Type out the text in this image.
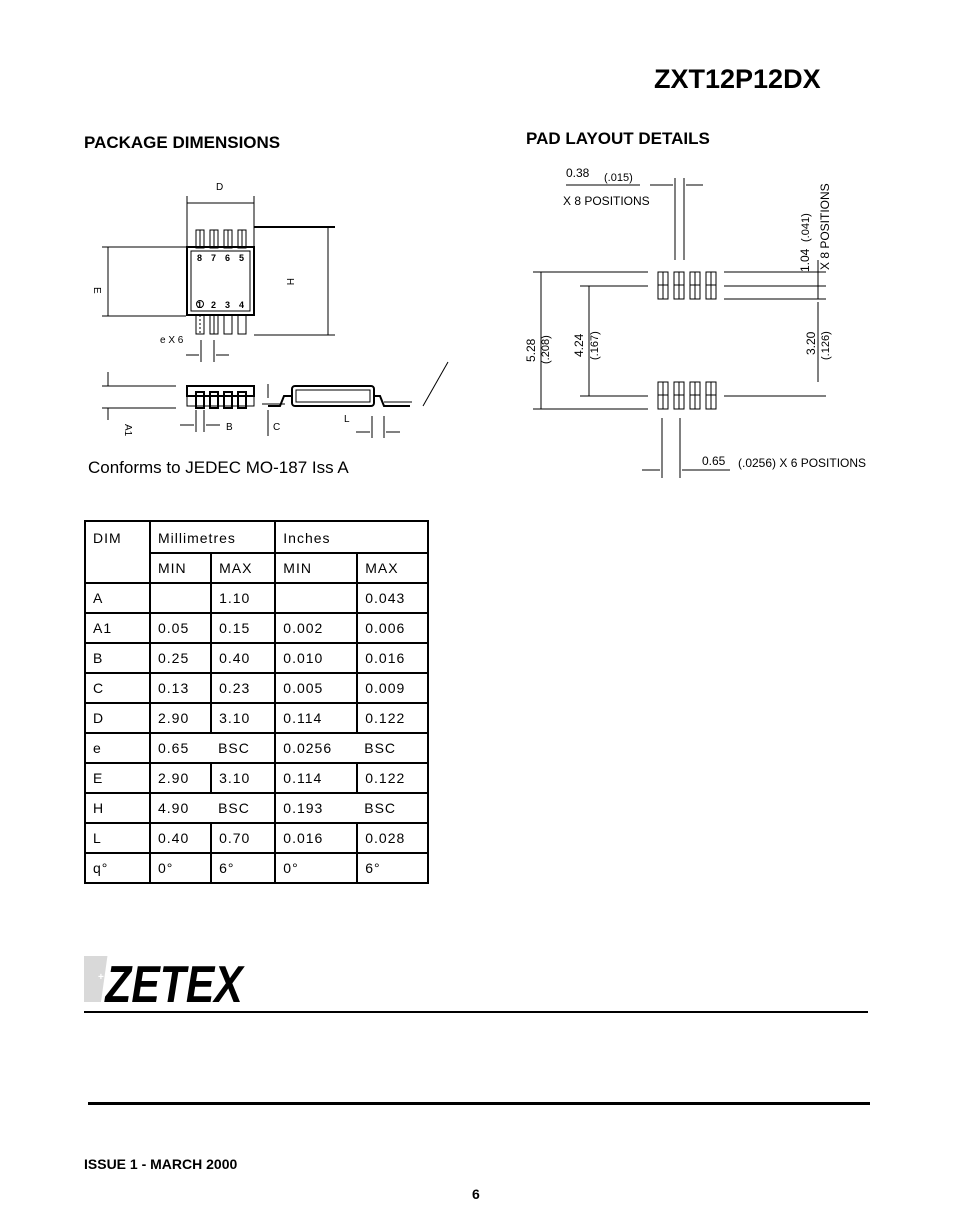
ZXT12P12DX
PACKAGE DIMENSIONS	PAD LAYOUT DETAILS
D
E
H
e X 6
A1	B	C
L
8 7 6 5
1 2 3 4
0.38 (.015)
X 8 POSITIONS
1.04
(.041) X 8 POSITIONS
5.28 (.208) 4.24 (.167)	3.20 (.126)
0.65 (.0256) X 6 POSITIONS
Conforms to JEDEC MO-187 Iss A
DIM	Millimetres		Inches	
	MIN	MAX	MIN	MAX
A		1.10		0.043
A1	0.05	0.15	0.002	0.006
B	0.25	0.40	0.010	0.016
C	0.13	0.23	0.005	0.009
D	2.90	3.10	0.114	0.122
e	0.65	BSC	0.0256	BSC
E	2.90	3.10	0.114	0.122
H	4.90	BSC	0.193	BSC
L	0.40	0.70	0.016	0.028
q°	0°	6°	0°	6°
+ ZETEX
ISSUE 1 - MARCH 2000
6
